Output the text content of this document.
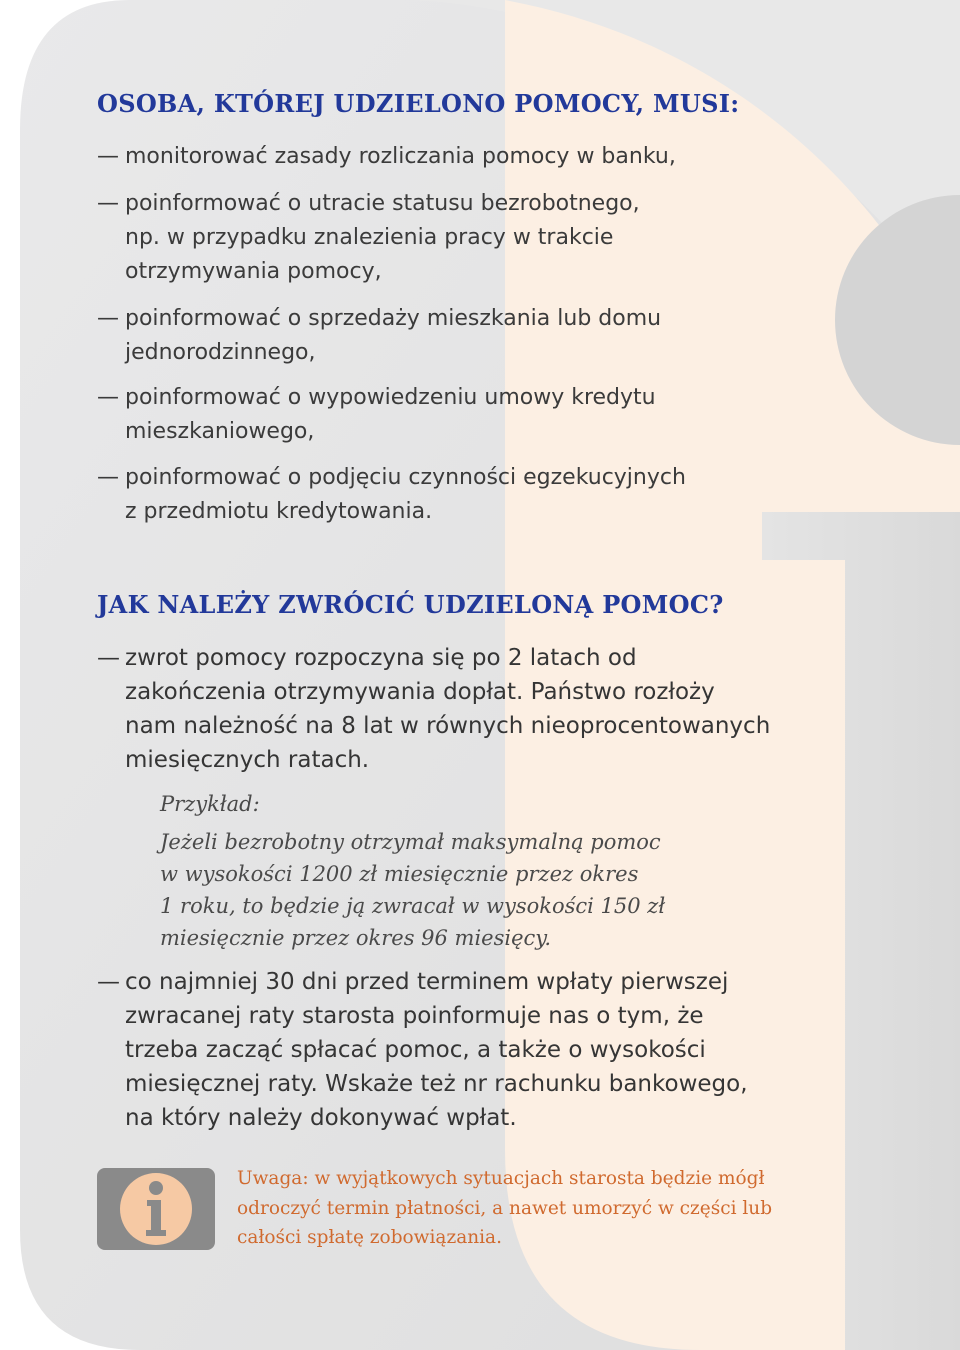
OSOBA, KTÓREJ UDZIELONO POMOCY, MUSI:
— monitorować zasady rozliczania pomocy w banku,
— poinformować o utracie statusu bezrobotnego,
np. w przypadku znalezienia pracy w trakcie
otrzymywania pomocy,
— poinformować o sprzedaży mieszkania lub domu
jednorodzinnego,
— poinformować o wypowiedzeniu umowy kredytu
mieszkaniowego,
— poinformować o podjęciu czynności egzekucyjnych
z przedmiotu kredytowania.
JAK NALEŻY ZWRÓCIĆ UDZIELONĄ POMOC?
— zwrot pomocy rozpoczyna się po 2 latach od
zakończenia otrzymywania dopłat. Państwo rozłoży
nam należność na 8 lat w równych nieoprocentowanych
miesięcznych ratach.
Przykład:
Jeżeli bezrobotny otrzymał maksymalną pomoc
w wysokości 1200 zł miesięcznie przez okres
1 roku, to będzie ją zwracał w wysokości 150 zł
miesięcznie przez okres 96 miesięcy.
— co najmniej 30 dni przed terminem wpłaty pierwszej
zwracanej raty starosta poinformuje nas o tym, że
trzeba zacząć spłacać pomoc, a także o wysokości
miesięcznej raty. Wskaże też nr rachunku bankowego,
na który należy dokonywać wpłat.
Uwaga: w wyjątkowych sytuacjach starosta będzie mógł
odroczyć termin płatności, a nawet umorzyć w części lub
całości spłatę zobowiązania.
